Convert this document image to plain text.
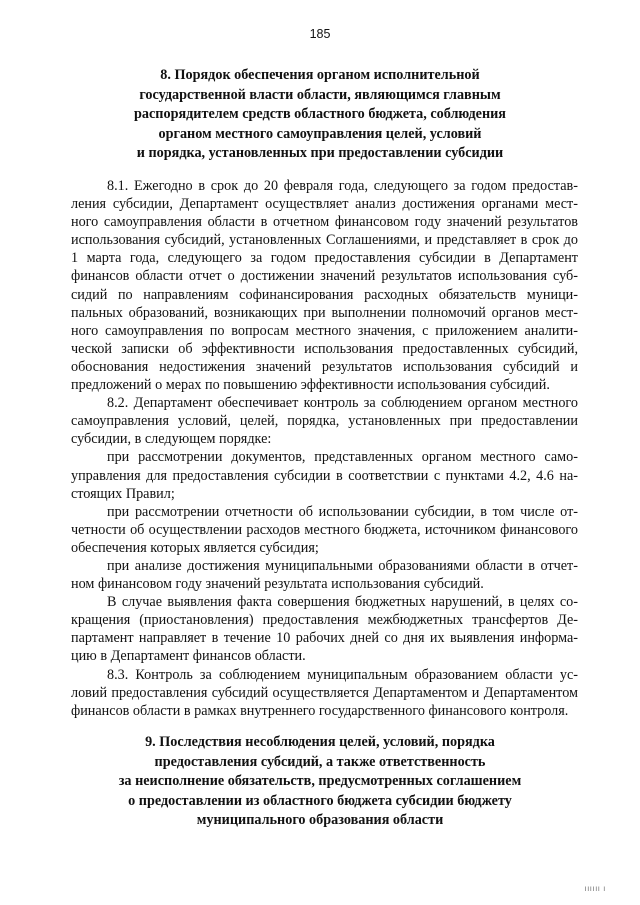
185
8. Порядок обеспечения органом исполнительной
государственной власти области, являющимся главным
распорядителем средств областного бюджета, соблюдения
органом местного самоуправления целей, условий
и порядка, установленных при предоставлении субсидии

8.1. Ежегодно в срок до 20 февраля года, следующего за годом предоставления субсидии, Департамент осуществляет анализ достижения органами местного самоуправления области в отчетном финансовом году значений результатов использования субсидий, установленных Соглашениями, и представляет в срок до 1 марта года, следующего за годом предоставления субсидии в Департамент финансов области отчет о достижении значений результатов использования субсидий по направлениям софинансирования расходных обязательств муниципальных образований, возникающих при выполнении полномочий органов местного самоуправления по вопросам местного значения, с приложением аналитической записки об эффективности использования предоставленных субсидий, обоснования недостижения значений результатов использования субсидий и предложений о мерах по повышению эффективности использования субсидий.

8.2. Департамент обеспечивает контроль за соблюдением органом местного самоуправления условий, целей, порядка, установленных при предоставлении субсидии, в следующем порядке:

при рассмотрении документов, представленных органом местного самоуправления для предоставления субсидии в соответствии с пунктами 4.2, 4.6 настоящих Правил;

при рассмотрении отчетности об использовании субсидии, в том числе отчетности об осуществлении расходов местного бюджета, источником финансового обеспечения которых является субсидия;

при анализе достижения муниципальными образованиями области в отчетном финансовом году значений результата использования субсидий.

В случае выявления факта совершения бюджетных нарушений, в целях сокращения (приостановления) предоставления межбюджетных трансфертов Департамент направляет в течение 10 рабочих дней со дня их выявления информацию в Департамент финансов области.

8.3. Контроль за соблюдением муниципальным образованием области условий предоставления субсидий осуществляется Департаментом и Департаментом финансов области в рамках внутреннего государственного финансового контроля.

9. Последствия несоблюдения целей, условий, порядка
предоставления субсидий, а также ответственность
за неисполнение обязательств, предусмотренных соглашением
о предоставлении из областного бюджета субсидии бюджету
муниципального образования области
IIIIII I
